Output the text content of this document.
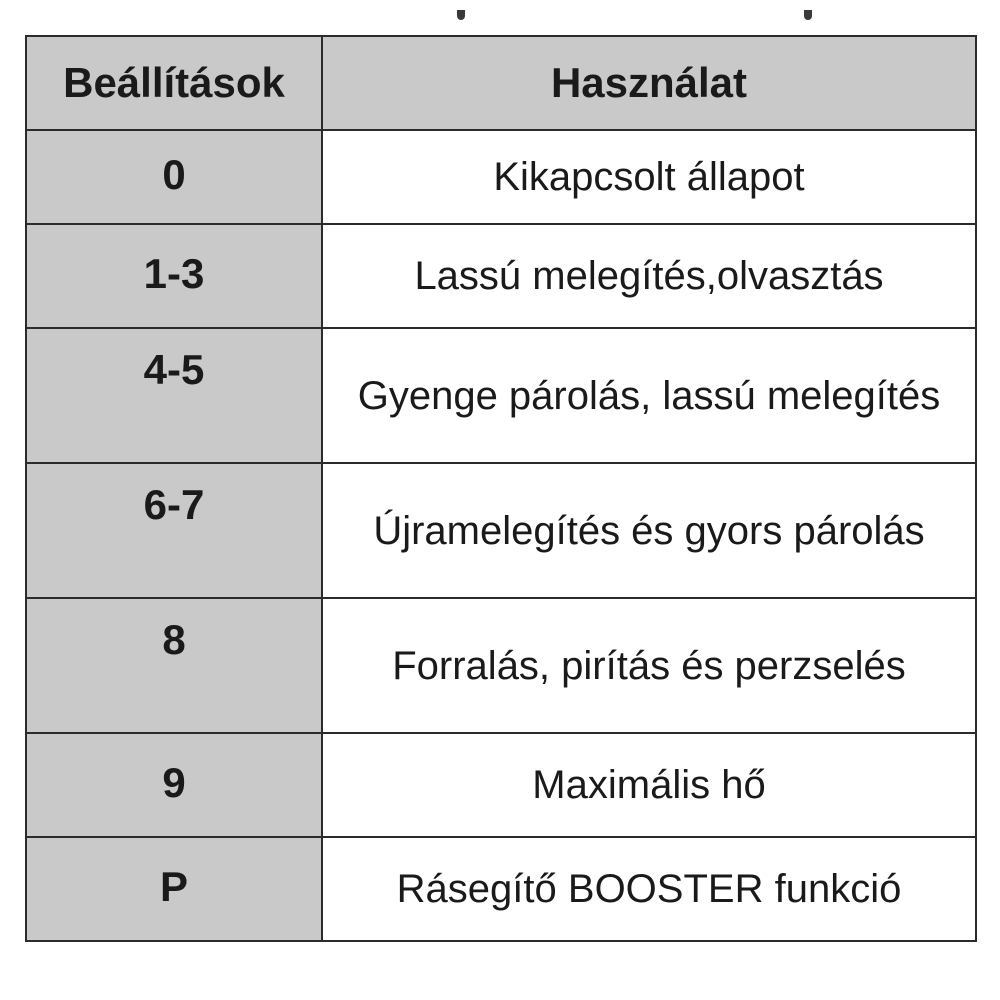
Beállítások	Használat

0	Kikapcsolt állapot

1-3	Lassú melegítés,olvasztás

4-5	Gyenge párolás, lassú melegítés

6-7	Újramelegítés és gyors párolás

8	Forralás, pirítás és perzselés

9	Maximális hő

P	Rásegítő BOOSTER funkció
